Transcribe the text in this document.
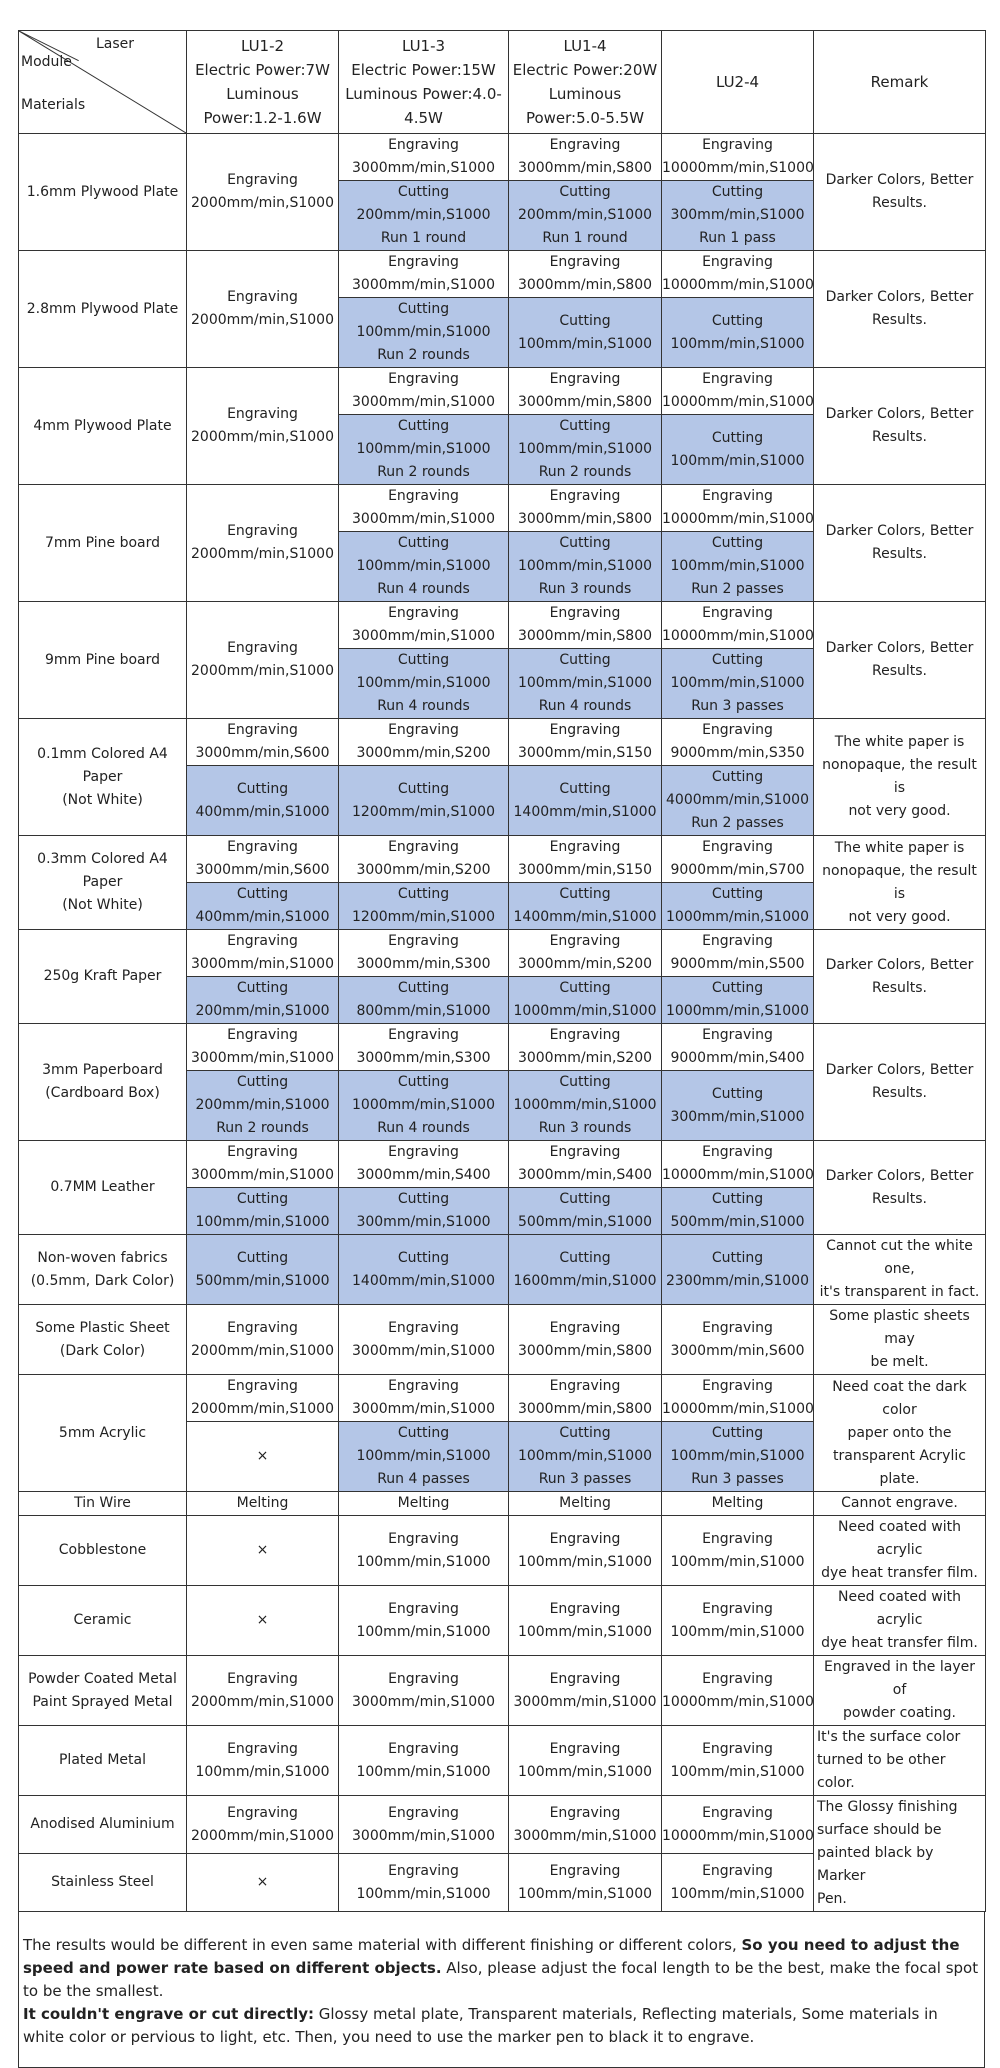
Laser
Module
Materials	LU1-2
Electric Power:7W
Luminous
Power:1.2-1.6W	LU1-3
Electric Power:15W
Luminous Power:4.0-
4.5W	LU1-4
Electric Power:20W
Luminous
Power:5.0-5.5W	LU2-4	Remark

1.6mm Plywood Plate	Engraving
2000mm/min,S1000	Engraving
3000mm/min,S1000	Engraving
3000mm/min,S800	Engraving
10000mm/min,S1000	Darker Colors, Better
Results.

		Cutting
200mm/min,S1000
Run 1 round	Cutting
200mm/min,S1000
Run 1 round	Cutting
300mm/min,S1000
Run 1 pass	

2.8mm Plywood Plate	Engraving
2000mm/min,S1000	Engraving
3000mm/min,S1000	Engraving
3000mm/min,S800	Engraving
10000mm/min,S1000	Darker Colors, Better
Results.

		Cutting
100mm/min,S1000
Run 2 rounds	Cutting
100mm/min,S1000	Cutting
100mm/min,S1000	

4mm Plywood Plate	Engraving
2000mm/min,S1000	Engraving
3000mm/min,S1000	Engraving
3000mm/min,S800	Engraving
10000mm/min,S1000	Darker Colors, Better
Results.

		Cutting
100mm/min,S1000
Run 2 rounds	Cutting
100mm/min,S1000
Run 2 rounds	Cutting
100mm/min,S1000	

7mm Pine board	Engraving
2000mm/min,S1000	Engraving
3000mm/min,S1000	Engraving
3000mm/min,S800	Engraving
10000mm/min,S1000	Darker Colors, Better
Results.

		Cutting
100mm/min,S1000
Run 4 rounds	Cutting
100mm/min,S1000
Run 3 rounds	Cutting
100mm/min,S1000
Run 2 passes	

9mm Pine board	Engraving
2000mm/min,S1000	Engraving
3000mm/min,S1000	Engraving
3000mm/min,S800	Engraving
10000mm/min,S1000	Darker Colors, Better
Results.

		Cutting
100mm/min,S1000
Run 4 rounds	Cutting
100mm/min,S1000
Run 4 rounds	Cutting
100mm/min,S1000
Run 3 passes	

0.1mm Colored A4
Paper
(Not White)	Engraving
3000mm/min,S600	Engraving
3000mm/min,S200	Engraving
3000mm/min,S150	Engraving
9000mm/min,S350	The white paper is
nonopaque, the result is
not very good.

	Cutting
400mm/min,S1000	Cutting
1200mm/min,S1000	Cutting
1400mm/min,S1000	Cutting
4000mm/min,S1000
Run 2 passes	

0.3mm Colored A4
Paper
(Not White)	Engraving
3000mm/min,S600	Engraving
3000mm/min,S200	Engraving
3000mm/min,S150	Engraving
9000mm/min,S700	The white paper is
nonopaque, the result is
not very good.

	Cutting
400mm/min,S1000	Cutting
1200mm/min,S1000	Cutting
1400mm/min,S1000	Cutting
1000mm/min,S1000	

250g Kraft Paper	Engraving
3000mm/min,S1000	Engraving
3000mm/min,S300	Engraving
3000mm/min,S200	Engraving
9000mm/min,S500	Darker Colors, Better
Results.

	Cutting
200mm/min,S1000	Cutting
800mm/min,S1000	Cutting
1000mm/min,S1000	Cutting
1000mm/min,S1000	

3mm Paperboard
(Cardboard Box)	Engraving
3000mm/min,S1000	Engraving
3000mm/min,S300	Engraving
3000mm/min,S200	Engraving
9000mm/min,S400	Darker Colors, Better
Results.

	Cutting
200mm/min,S1000
Run 2 rounds	Cutting
1000mm/min,S1000
Run 4 rounds	Cutting
1000mm/min,S1000
Run 3 rounds	Cutting
300mm/min,S1000	

0.7MM Leather	Engraving
3000mm/min,S1000	Engraving
3000mm/min,S400	Engraving
3000mm/min,S400	Engraving
10000mm/min,S1000	Darker Colors, Better
Results.

	Cutting
100mm/min,S1000	Cutting
300mm/min,S1000	Cutting
500mm/min,S1000	Cutting
500mm/min,S1000	

Non-woven fabrics
(0.5mm, Dark Color)	Cutting
500mm/min,S1000	Cutting
1400mm/min,S1000	Cutting
1600mm/min,S1000	Cutting
2300mm/min,S1000	Cannot cut the white one,
it's transparent in fact.

Some Plastic Sheet
(Dark Color)	Engraving
2000mm/min,S1000	Engraving
3000mm/min,S1000	Engraving
3000mm/min,S800	Engraving
3000mm/min,S600	Some plastic sheets may
be melt.

5mm Acrylic	Engraving
2000mm/min,S1000	Engraving
3000mm/min,S1000	Engraving
3000mm/min,S800	Engraving
10000mm/min,S1000	Need coat the dark color
paper onto the
transparent Acrylic plate.

	×	Cutting
100mm/min,S1000
Run 4 passes	Cutting
100mm/min,S1000
Run 3 passes	Cutting
100mm/min,S1000
Run 3 passes	

Tin Wire	Melting	Melting	Melting	Melting	Cannot engrave.

Cobblestone	×	Engraving
100mm/min,S1000	Engraving
100mm/min,S1000	Engraving
100mm/min,S1000	Need coated with acrylic
dye heat transfer film.

Ceramic	×	Engraving
100mm/min,S1000	Engraving
100mm/min,S1000	Engraving
100mm/min,S1000	Need coated with acrylic
dye heat transfer film.

Powder Coated Metal
Paint Sprayed Metal	Engraving
2000mm/min,S1000	Engraving
3000mm/min,S1000	Engraving
3000mm/min,S1000	Engraving
10000mm/min,S1000	Engraved in the layer of
powder coating.

Plated Metal	Engraving
100mm/min,S1000	Engraving
100mm/min,S1000	Engraving
100mm/min,S1000	Engraving
100mm/min,S1000	It's the surface color
turned to be other color.

Anodised Aluminium	Engraving
2000mm/min,S1000	Engraving
3000mm/min,S1000	Engraving
3000mm/min,S1000	Engraving
10000mm/min,S1000	The Glossy finishing
surface should be
painted black by Marker
Pen.

Stainless Steel	×	Engraving
100mm/min,S1000	Engraving
100mm/min,S1000	Engraving
100mm/min,S1000	
The results would be different in even same material with different finishing or different colors, So you need to adjust the speed and power rate based on different objects. Also, please adjust the focal length to be the best, make the focal spot to be the smallest.
It couldn't engrave or cut directly: Glossy metal plate, Transparent materials, Reflecting materials, Some materials in white color or pervious to light, etc. Then, you need to use the marker pen to black it to engrave.
